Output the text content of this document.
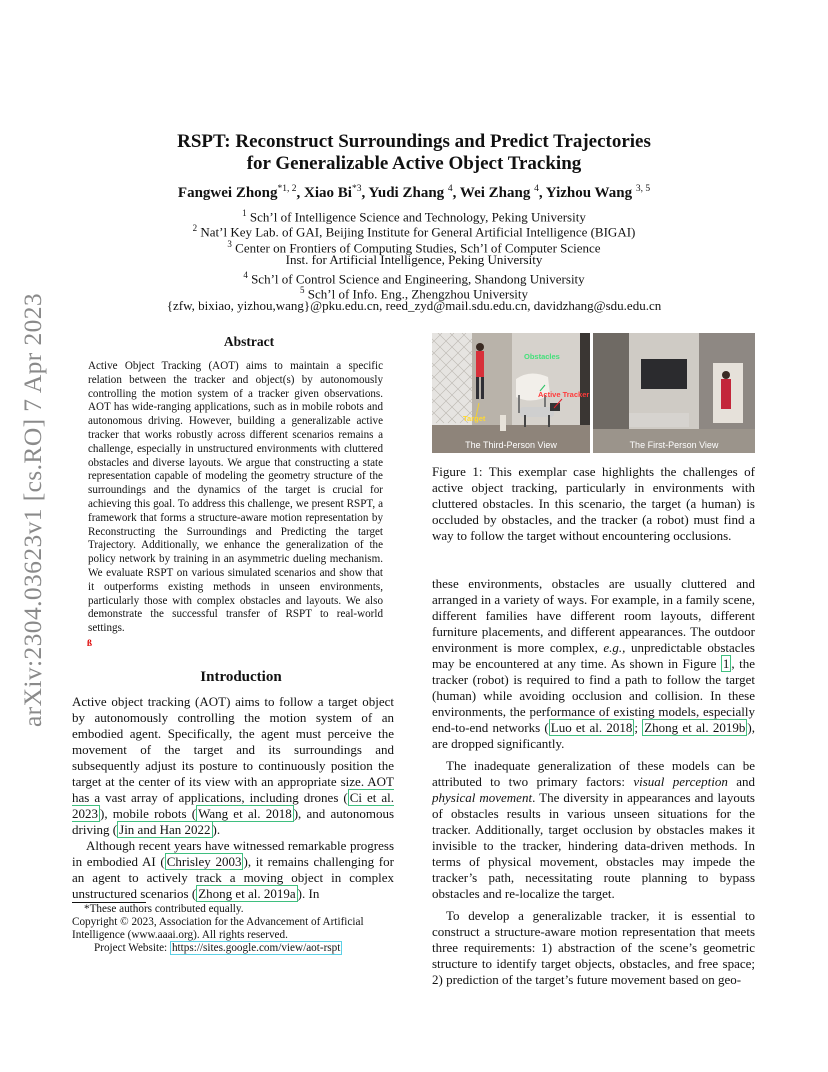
arXiv:2304.03623v1 [cs.RO] 7 Apr 2023
RSPT: Reconstruct Surroundings and Predict Trajectories
for Generalizable Active Object Tracking
Fangwei Zhong$^{*1, 2}$, Xiao Bi$^{*3}$, Yudi Zhang $^4$, Wei Zhang $^4$, Yizhou Wang $^{3, 5}$
$^1$ Sch’l of Intelligence Science and Technology, Peking University
$^2$ Nat’l Key Lab. of GAI, Beijing Institute for General Artificial Intelligence (BIGAI)
$^3$ Center on Frontiers of Computing Studies, Sch’l of Computer Science
Inst. for Artificial Intelligence, Peking University
$^4$ Sch’l of Control Science and Engineering, Shandong University
$^5$ Sch’l of Info. Eng., Zhengzhou University
{zfw, bixiao, yizhou,wang}@pku.edu.cn, reed_zyd@mail.sdu.edu.cn, davidzhang@sdu.edu.cn
Abstract
Active Object Tracking (AOT) aims to maintain a specific relation between the tracker and object(s) by autonomously controlling the motion system of a tracker given observations. AOT has wide-ranging applications, such as in mobile robots and autonomous driving. However, building a generalizable active tracker that works robustly across different scenarios remains a challenge, especially in unstructured environments with cluttered obstacles and diverse layouts. We argue that constructing a state representation capable of modeling the geometry structure of the surroundings and the dynamics of the target is crucial for achieving this goal. To address this challenge, we present RSPT, a framework that forms a structure-aware motion representation by Reconstructing the Surroundings and Predicting the target Trajectory. Additionally, we enhance the generalization of the policy network by training in an asymmetric dueling mechanism. We evaluate RSPT on various simulated scenarios and show that it outperforms existing methods in unseen environments, particularly those with complex obstacles and layouts. We also demonstrate the successful transfer of RSPT to real-world settings.
ß
Introduction

Active object tracking (AOT) aims to follow a target object by autonomously controlling the motion system of an embodied agent. Specifically, the agent must perceive the movement of the target and its surroundings and subsequently adjust its posture to continuously position the target at the center of its view with an appropriate size. AOT has a vast array of applications, including drones ( Ci et al. 2023 ), mobile robots ( Wang et al. 2018 ), and autonomous driving ( Jin and Han 2022 ).

Although recent years have witnessed remarkable progress in embodied AI ( Chrisley 2003 ), it remains challenging for an agent to actively track a moving object in complex unstructured scenarios ( Zhong et al. 2019a ). In

*These authors contributed equally.
Copyright © 2023, Association for the Advancement of Artificial Intelligence (www.aaai.org). All rights reserved.
Project Website: https://sites.google.com/view/aot-rspt
Obstacles
Active Tracker
Target
The Third-Person View	The First-Person View
Figure 1: This exemplar case highlights the challenges of active object tracking, particularly in environments with cluttered obstacles. In this scenario, the target (a human) is occluded by obstacles, and the tracker (a robot) must find a way to follow the target without encountering occlusions.

these environments, obstacles are usually cluttered and arranged in a variety of ways. For example, in a family scene, different families have different room layouts, different furniture placements, and different appearances. The outdoor environment is more complex, e.g., unpredictable obstacles may be encountered at any time. As shown in Figure 1 , the tracker (robot) is required to find a path to follow the target (human) while avoiding occlusion and collision. In these environments, the performance of existing models, especially end-to-end networks ( Luo et al. 2018 ; Zhong et al. 2019b ), are dropped significantly.

The inadequate generalization of these models can be attributed to two primary factors: visual perception and physical movement. The diversity in appearances and layouts of obstacles results in various unseen situations for the tracker. Additionally, target occlusion by obstacles makes it invisible to the tracker, hindering data-driven methods. In terms of physical movement, obstacles may impede the tracker’s path, necessitating route planning to bypass obstacles and re-localize the target.

To develop a generalizable tracker, it is essential to construct a structure-aware motion representation that meets three requirements: 1) abstraction of the scene’s geometric structure to identify target objects, obstacles, and free space; 2) prediction of the target’s future movement based on geo-
